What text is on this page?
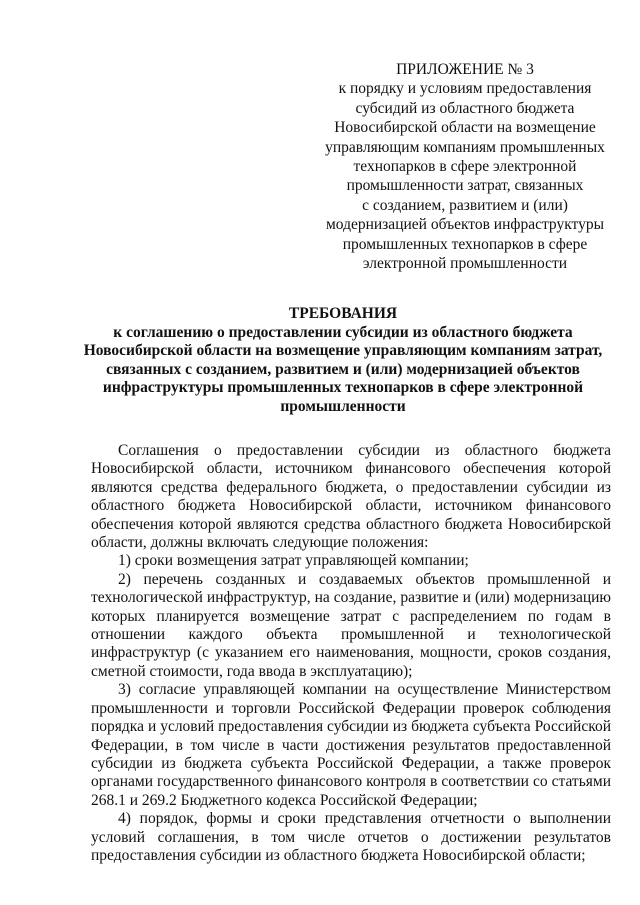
ПРИЛОЖЕНИЕ № 3
к порядку и условиям предоставления
субсидий из областного бюджета
Новосибирской области на возмещение
управляющим компаниям промышленных
технопарков в сфере электронной
промышленности затрат, связанных
с созданием, развитием и (или)
модернизацией объектов инфраструктуры
промышленных технопарков в сфере
электронной промышленности
ТРЕБОВАНИЯ
к соглашению о предоставлении субсидии из областного бюджета
Новосибирской области на возмещение управляющим компаниям затрат,
связанных с созданием, развитием и (или) модернизацией объектов
инфраструктуры промышленных технопарков в сфере электронной
промышленности

Соглашения о предоставлении субсидии из областного бюджета Новосибирской области, источником финансового обеспечения которой являются средства федерального бюджета, о предоставлении субсидии из областного бюджета Новосибирской области, источником финансового обеспечения которой являются средства областного бюджета Новосибирской области, должны включать следующие положения:

1) сроки возмещения затрат управляющей компании;

2) перечень созданных и создаваемых объектов промышленной и технологической инфраструктур, на создание, развитие и (или) модернизацию которых планируется возмещение затрат с распределением по годам в отношении каждого объекта промышленной и технологической инфраструктур (с указанием его наименования, мощности, сроков создания, сметной стоимости, года ввода в эксплуатацию);

3) согласие управляющей компании на осуществление Министерством промышленности и торговли Российской Федерации проверок соблюдения порядка и условий предоставления субсидии из бюджета субъекта Российской Федерации, в том числе в части достижения результатов предоставленной субсидии из бюджета субъекта Российской Федерации, а также проверок органами государственного финансового контроля в соответствии со статьями 268.1 и 269.2 Бюджетного кодекса Российской Федерации;

4) порядок, формы и сроки представления отчетности о выполнении условий соглашения, в том числе отчетов о достижении результатов предоставления субсидии из областного бюджета Новосибирской области;
